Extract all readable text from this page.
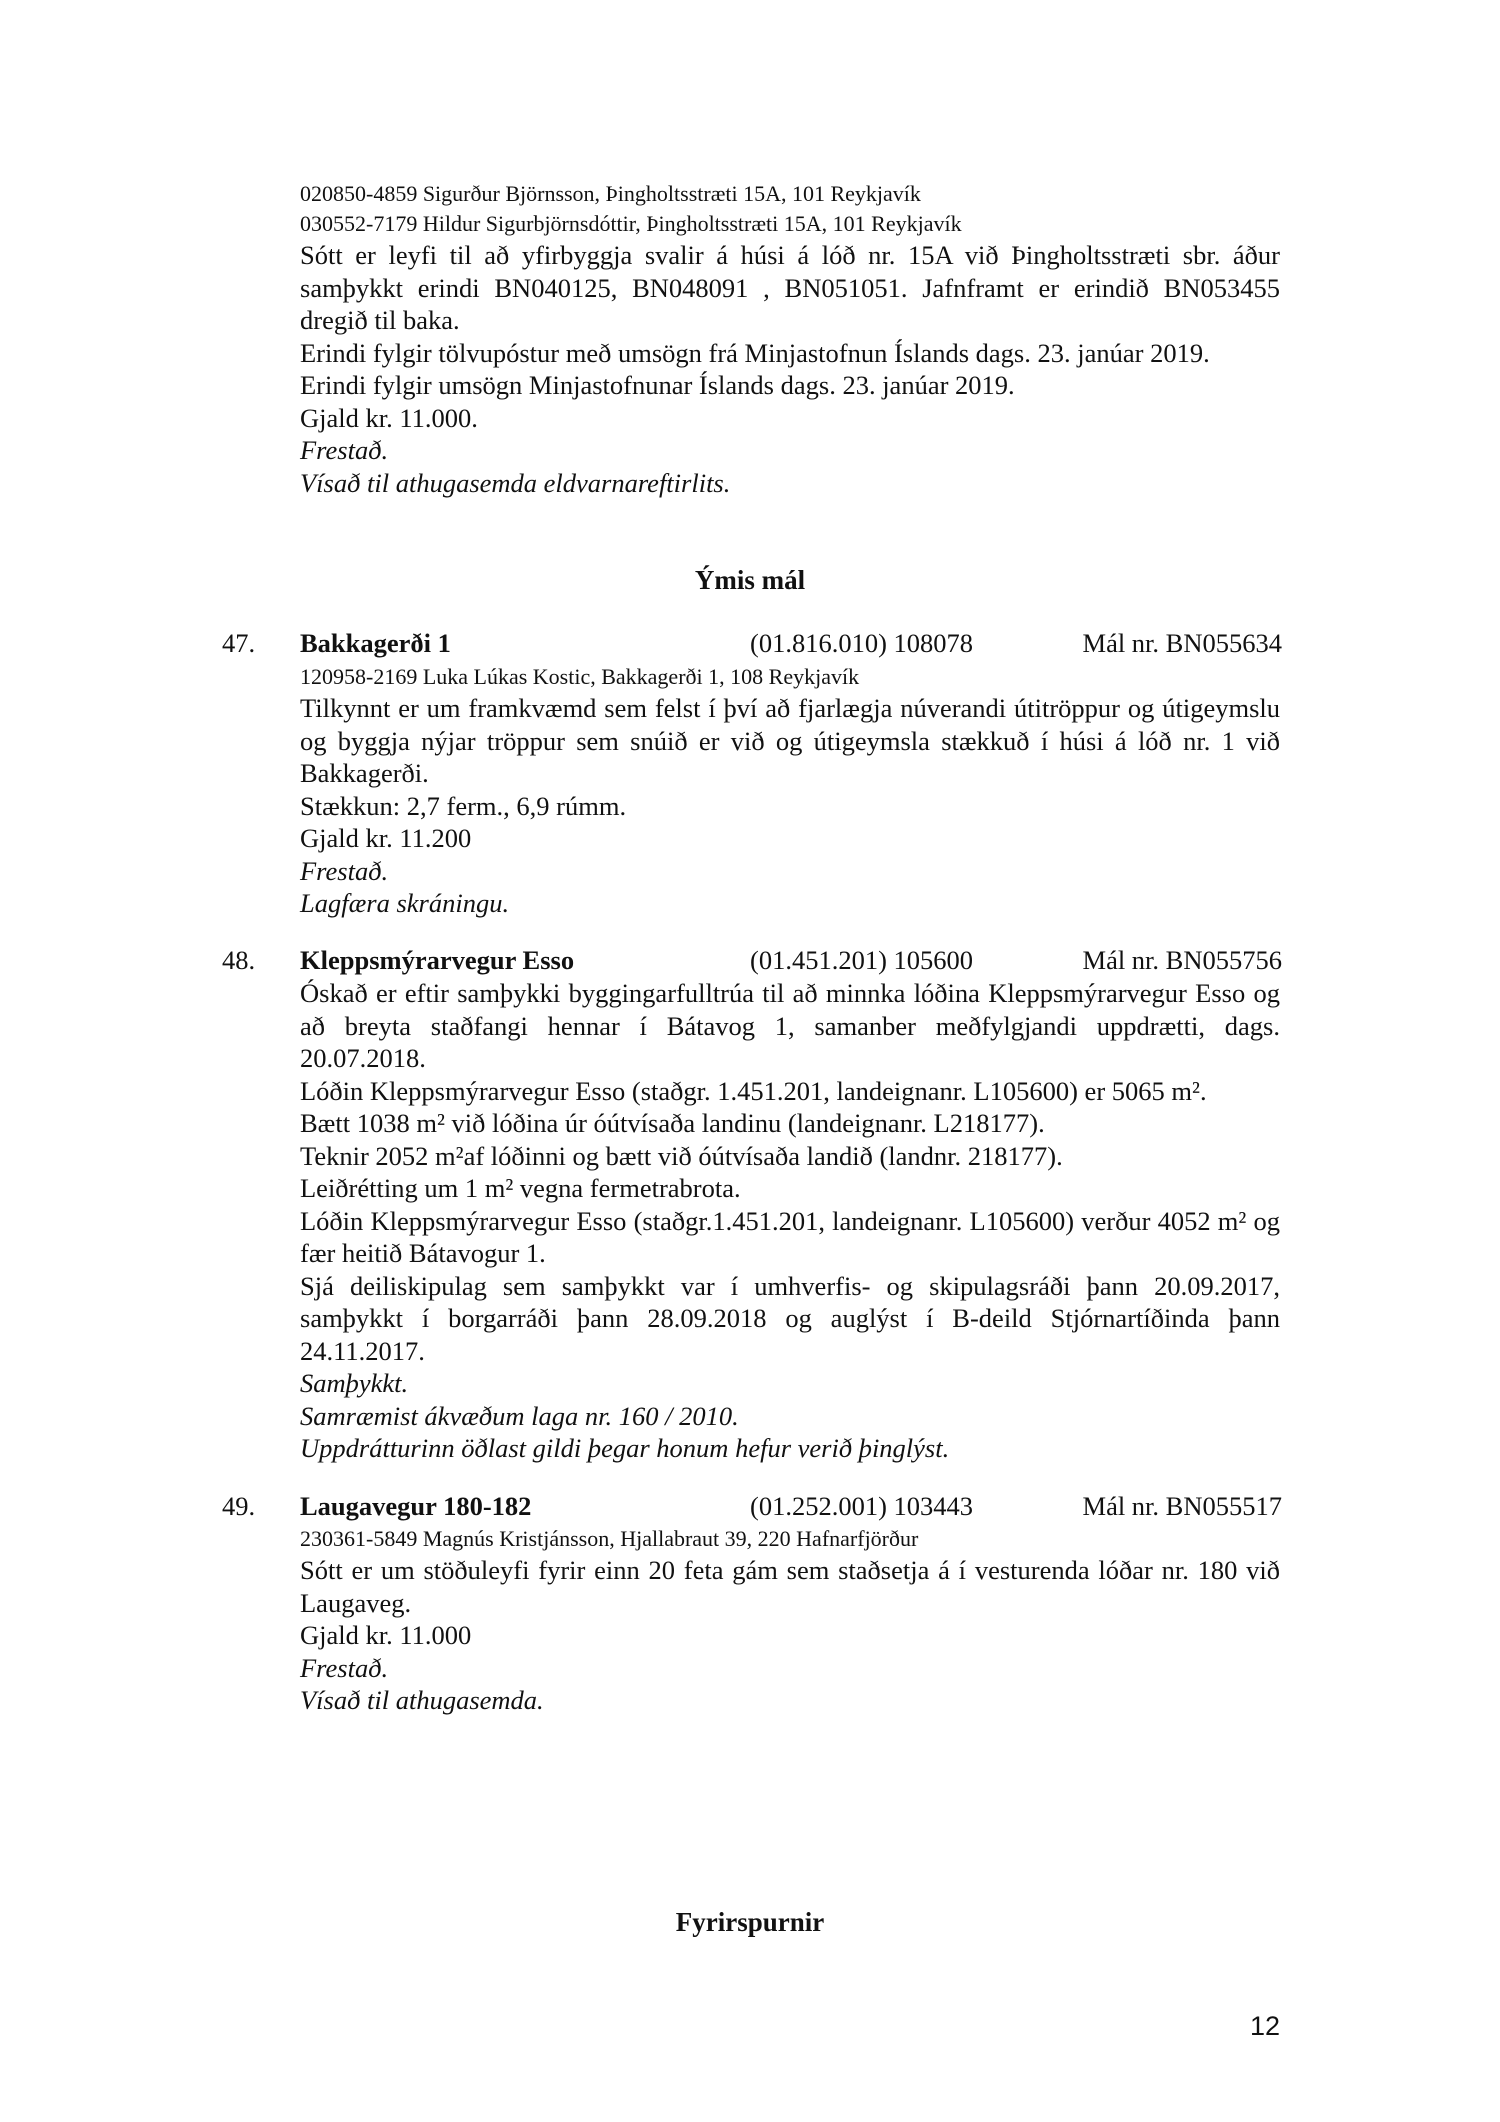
020850-4859 Sigurður Björnsson, Þingholtsstræti 15A, 101 Reykjavík

030552-7179 Hildur Sigurbjörnsdóttir, Þingholtsstræti 15A, 101 Reykjavík

Sótt er leyfi til að yfirbyggja svalir á húsi á lóð nr. 15A við Þingholtsstræti sbr. áður samþykkt erindi BN040125, BN048091 , BN051051. Jafnframt er erindið BN053455 dregið til baka.

Erindi fylgir tölvupóstur með umsögn frá Minjastofnun Íslands dags. 23. janúar 2019.

Erindi fylgir umsögn Minjastofnunar Íslands dags. 23. janúar 2019.

Gjald kr. 11.000.

Frestað.

Vísað til athugasemda eldvarnareftirlits.

Ýmis mál

47. Bakkagerði 1	(01.816.010) 108078	Mál nr. BN055634

120958-2169 Luka Lúkas Kostic, Bakkagerði 1, 108 Reykjavík

Tilkynnt er um framkvæmd sem felst í því að fjarlægja núverandi útitröppur og útigeymslu og byggja nýjar tröppur sem snúið er við og útigeymsla stækkuð í húsi á lóð nr. 1 við Bakkagerði.

Stækkun: 2,7 ferm., 6,9 rúmm.

Gjald kr. 11.200

Frestað.

Lagfæra skráningu.

48. Kleppsmýrarvegur Esso	(01.451.201) 105600	Mál nr. BN055756

Óskað er eftir samþykki byggingarfulltrúa til að minnka lóðina Kleppsmýrarvegur Esso og að breyta staðfangi hennar í Bátavog 1, samanber meðfylgjandi uppdrætti, dags. 20.07.2018.

Lóðin Kleppsmýrarvegur Esso (staðgr. 1.451.201, landeignanr. L105600) er 5065 m².

Bætt 1038 m² við lóðina úr óútvísaða landinu (landeignanr. L218177).

Teknir 2052 m²af lóðinni og bætt við óútvísaða landið (landnr. 218177).

Leiðrétting um 1 m² vegna fermetrabrota.

Lóðin Kleppsmýrarvegur Esso (staðgr.1.451.201, landeignanr. L105600) verður 4052 m² og fær heitið Bátavogur 1.

Sjá deiliskipulag sem samþykkt var í umhverfis- og skipulagsráði þann 20.09.2017, samþykkt í borgarráði þann 28.09.2018 og auglýst í B-deild Stjórnartíðinda þann 24.11.2017.

Samþykkt.

Samræmist ákvæðum laga nr. 160 / 2010.

Uppdrátturinn öðlast gildi þegar honum hefur verið þinglýst.

49. Laugavegur 180-182	(01.252.001) 103443	Mál nr. BN055517

230361-5849 Magnús Kristjánsson, Hjallabraut 39, 220 Hafnarfjörður

Sótt er um stöðuleyfi fyrir einn 20 feta gám sem staðsetja á í vesturenda lóðar nr. 180 við Laugaveg.

Gjald kr. 11.000

Frestað.

Vísað til athugasemda.

Fyrirspurnir

12
